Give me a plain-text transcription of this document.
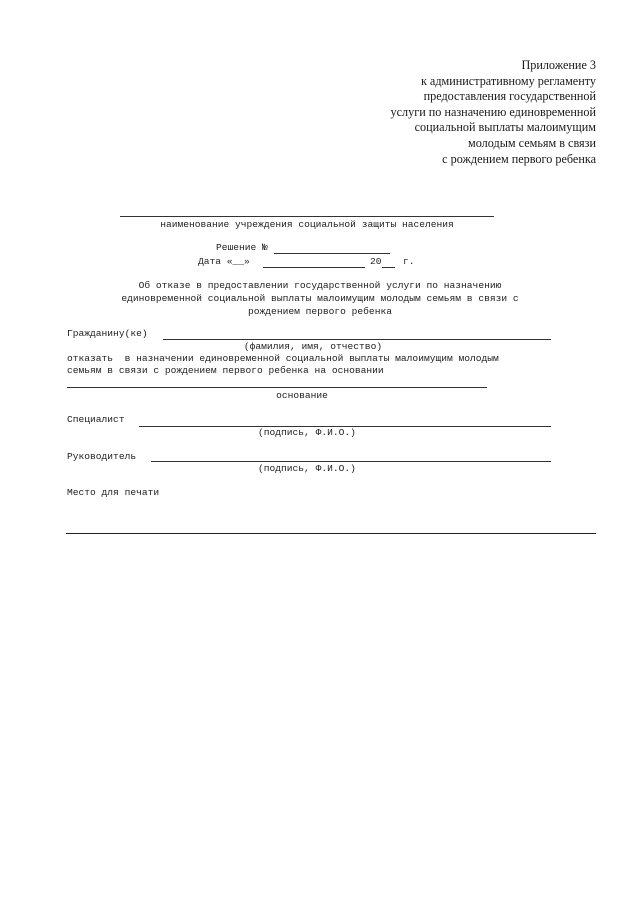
Приложение 3
к административному регламенту
предоставления государственной
услуги по назначению единовременной
социальной выплаты малоимущим
молодым семьям в связи
с рождением первого ребенка
наименование учреждения социальной защиты населения
Решение №
Дата «__»	20 г.
Об отказе в предоставлении государственной услуги по назначению
единовременной социальной выплаты малоимущим молодым семьям в связи с
рождением первого ребенка
Гражданину(ке)
(фамилия, имя, отчество)
отказать  в назначении единовременной социальной выплаты малоимущим молодым
семьям в связи с рождением первого ребенка на основании
основание
Специалист
(подпись, Ф.И.О.)
Руководитель
(подпись, Ф.И.О.)
Место для печати
